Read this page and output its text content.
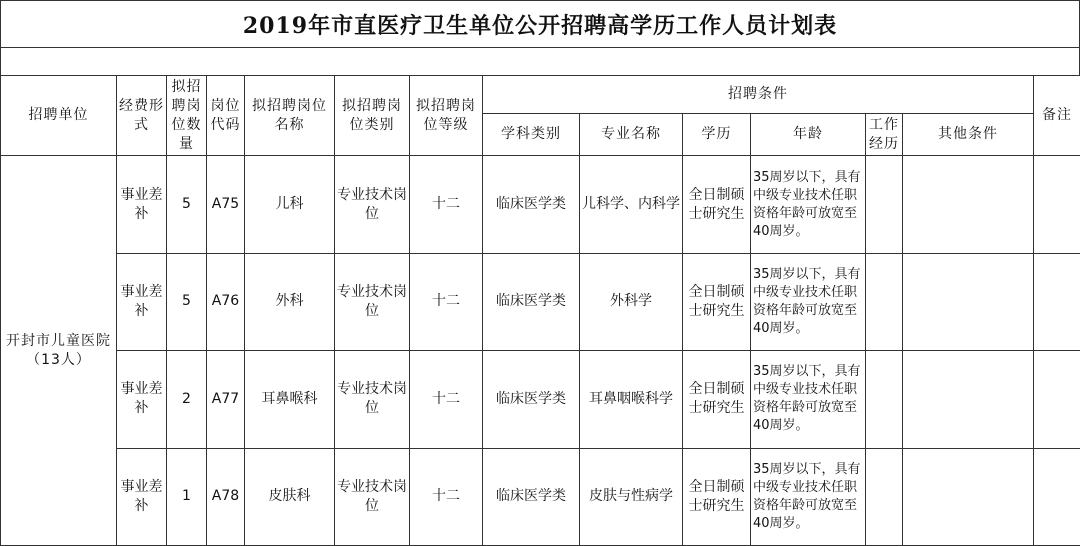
2019年市直医疗卫生单位公开招聘高学历工作人员计划表
招聘单位	经费形式	拟招聘岗位数量	岗位代码	拟招聘岗位名称	拟招聘岗位类别	拟招聘岗位等级	招聘条件						备注
							学科类别	专业名称	学历	年龄	工作经历	其他条件	
开封市儿童医院（13人）	事业差补	5	A75	儿科	专业技术岗位	十二	临床医学类	儿科学、内科学	全日制硕士研究生	35周岁以下，具有中级专业技术任职资格年龄可放宽至40周岁。			
	事业差补	5	A76	外科	专业技术岗位	十二	临床医学类	外科学	全日制硕士研究生	35周岁以下，具有中级专业技术任职资格年龄可放宽至40周岁。			
	事业差补	2	A77	耳鼻喉科	专业技术岗位	十二	临床医学类	耳鼻咽喉科学	全日制硕士研究生	35周岁以下，具有中级专业技术任职资格年龄可放宽至40周岁。			
	事业差补	1	A78	皮肤科	专业技术岗位	十二	临床医学类	皮肤与性病学	全日制硕士研究生	35周岁以下，具有中级专业技术任职资格年龄可放宽至40周岁。			
